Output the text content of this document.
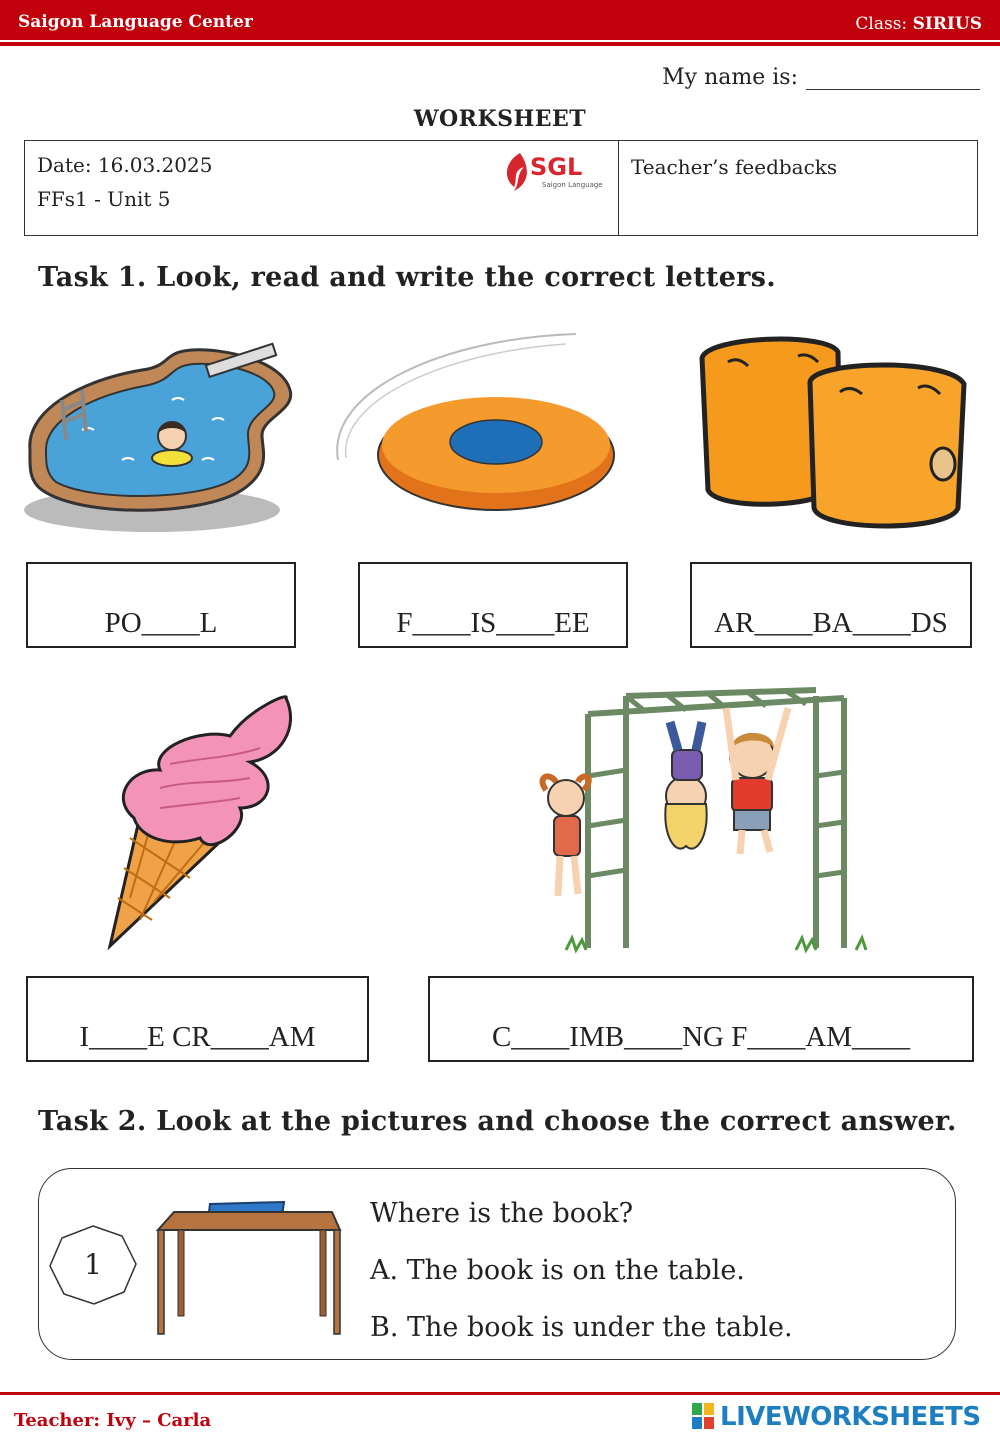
Saigon Language Center	Class: SIRIUS
My name is:
WORKSHEET
Date: 16.03.2025
FFs1 - Unit 5
SGL
Saigon Language
Teacher’s feedbacks
Task 1. Look, read and write the correct letters.
PO____L	F____IS____EE	AR____BA____DS
I____E CR____AM	C____IMB____NG F____AM____
Task 2. Look at the pictures and choose the correct answer.
1
Where is the book?
A. The book is on the table.
B. The book is under the table.
Teacher: Ivy – Carla	LIVEWORKSHEETS
